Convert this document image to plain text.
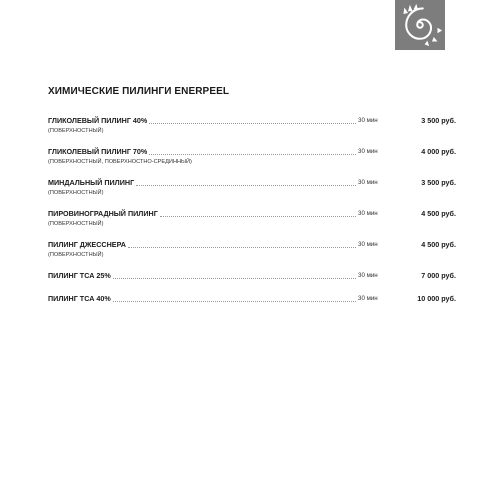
ХИМИЧЕСКИЕ ПИЛИНГИ ENERPEEL
ГЛИКОЛЕВЫЙ ПИЛИНГ 40%	30 мин	3 500 руб.
(ПОВЕРХНОСТНЫЙ)
ГЛИКОЛЕВЫЙ ПИЛИНГ 70%	30 мин	4 000 руб.
(ПОВЕРХНОСТНЫЙ, ПОВЕРХНОСТНО-СРЕДИННЫЙ)
МИНДАЛЬНЫЙ ПИЛИНГ	30 мин	3 500 руб.
(ПОВЕРХНОСТНЫЙ)
ПИРОВИНОГРАДНЫЙ ПИЛИНГ	30 мин	4 500 руб.
(ПОВЕРХНОСТНЫЙ)
ПИЛИНГ ДЖЕССНЕРА	30 мин	4 500 руб.
(ПОВЕРХНОСТНЫЙ)
ПИЛИНГ ТСА 25%	30 мин	7 000 руб.
ПИЛИНГ ТСА 40%	30 мин	10 000 руб.
